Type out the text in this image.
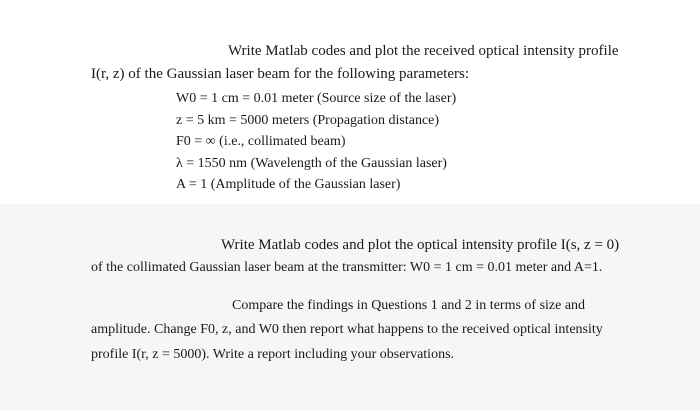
Write Matlab codes and plot the received optical intensity profile
I(r, z) of the Gaussian laser beam for the following parameters:
W0 = 1 cm = 0.01 meter (Source size of the laser)
z = 5 km = 5000 meters (Propagation distance)
F0 = ∞ (i.e., collimated beam)
λ = 1550 nm (Wavelength of the Gaussian laser)
A = 1 (Amplitude of the Gaussian laser)
Write Matlab codes and plot the optical intensity profile I(s, z = 0)
of the collimated Gaussian laser beam at the transmitter: W0 = 1 cm = 0.01 meter and A=1.
Compare the findings in Questions 1 and 2 in terms of size and
amplitude. Change F0, z, and W0 then report what happens to the received optical intensity
profile I(r, z = 5000). Write a report including your observations.
